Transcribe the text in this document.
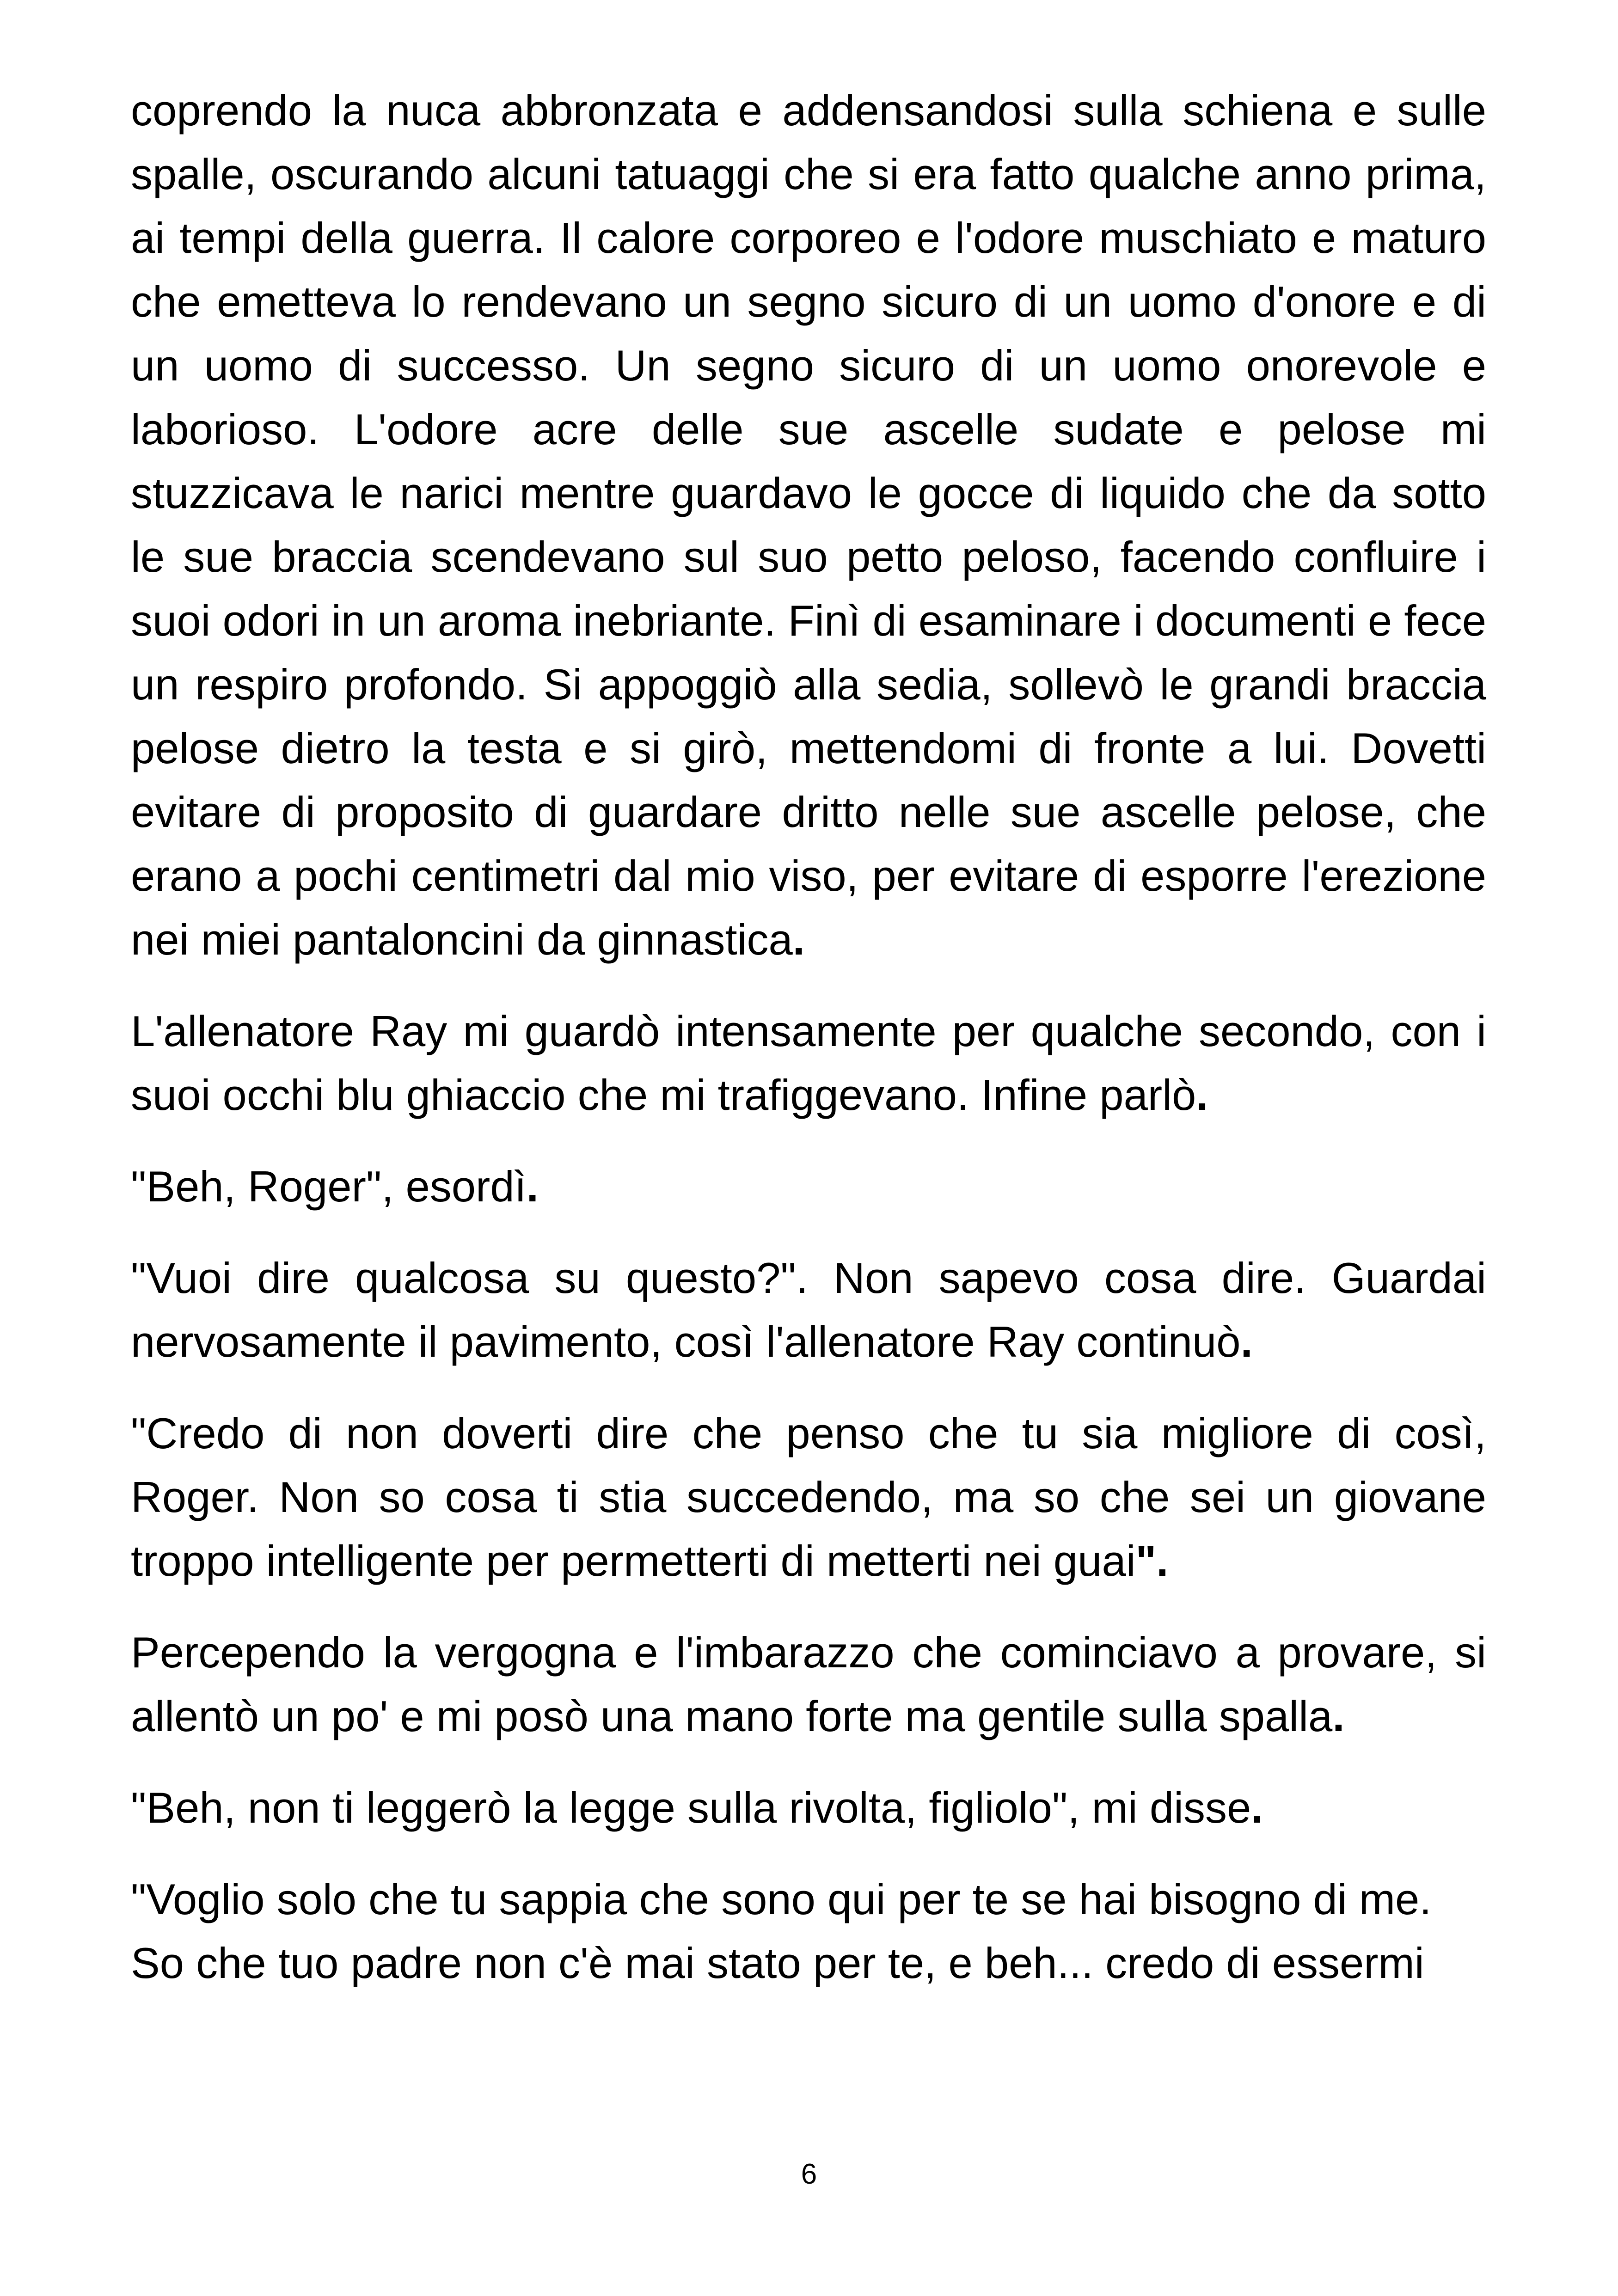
coprendo la nuca abbronzata e addensandosi sulla schiena e sulle spalle, oscurando alcuni tatuaggi che si era fatto qualche anno prima, ai tempi della guerra. Il calore corporeo e l'odore muschiato e maturo che emetteva lo rendevano un segno sicuro di un uomo d'onore e di un uomo di successo. Un segno sicuro di un uomo onorevole e laborioso. L'odore acre delle sue ascelle sudate e pelose mi stuzzicava le narici mentre guardavo le gocce di liquido che da sotto le sue braccia scendevano sul suo petto peloso, facendo confluire i suoi odori in un aroma inebriante. Finì di esaminare i documenti e fece un respiro profondo. Si appoggiò alla sedia, sollevò le grandi braccia pelose dietro la testa e si girò, mettendomi di fronte a lui. Dovetti evitare di proposito di guardare dritto nelle sue ascelle pelose, che erano a pochi centimetri dal mio viso, per evitare di esporre l'erezione nei miei pantaloncini da ginnastica.

L'allenatore Ray mi guardò intensamente per qualche secondo, con i suoi occhi blu ghiaccio che mi trafiggevano. Infine parlò.

"Beh, Roger", esordì.

"Vuoi dire qualcosa su questo?". Non sapevo cosa dire. Guardai nervosamente il pavimento, così l'allenatore Ray continuò.

"Credo di non doverti dire che penso che tu sia migliore di così, Roger. Non so cosa ti stia succedendo, ma so che sei un giovane troppo intelligente per permetterti di metterti nei guai".

Percependo la vergogna e l'imbarazzo che cominciavo a provare, si allentò un po' e mi posò una mano forte ma gentile sulla spalla.

"Beh, non ti leggerò la legge sulla rivolta, figliolo", mi disse.

"Voglio solo che tu sappia che sono qui per te se hai bisogno di me. So che tuo padre non c'è mai stato per te, e beh... credo di essermi

6
